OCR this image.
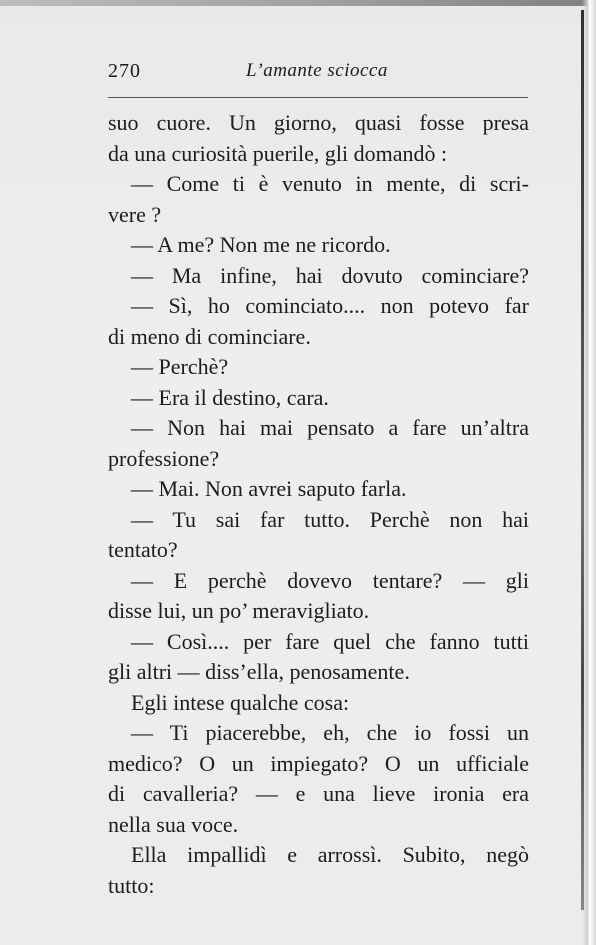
270	L’amante sciocca
suo cuore. Un giorno, quasi fosse presa
da una curiosità puerile, gli domandò :
— Come ti è venuto in mente, di scri-
vere ?
— A me? Non me ne ricordo.
— Ma infine, hai dovuto cominciare?
— Sì, ho cominciato.... non potevo far
di meno di cominciare.
— Perchè?
— Era il destino, cara.
— Non hai mai pensato a fare un’altra
professione?
— Mai. Non avrei saputo farla.
— Tu sai far tutto. Perchè non hai
tentato?
— E perchè dovevo tentare? — gli
disse lui, un po’ meravigliato.
— Così.... per fare quel che fanno tutti
gli altri — diss’ella, penosamente.
Egli intese qualche cosa:
— Ti piacerebbe, eh, che io fossi un
medico? O un impiegato? O un ufficiale
di cavalleria? — e una lieve ironia era
nella sua voce.
Ella impallidì e arrossì. Subito, negò
tutto:
